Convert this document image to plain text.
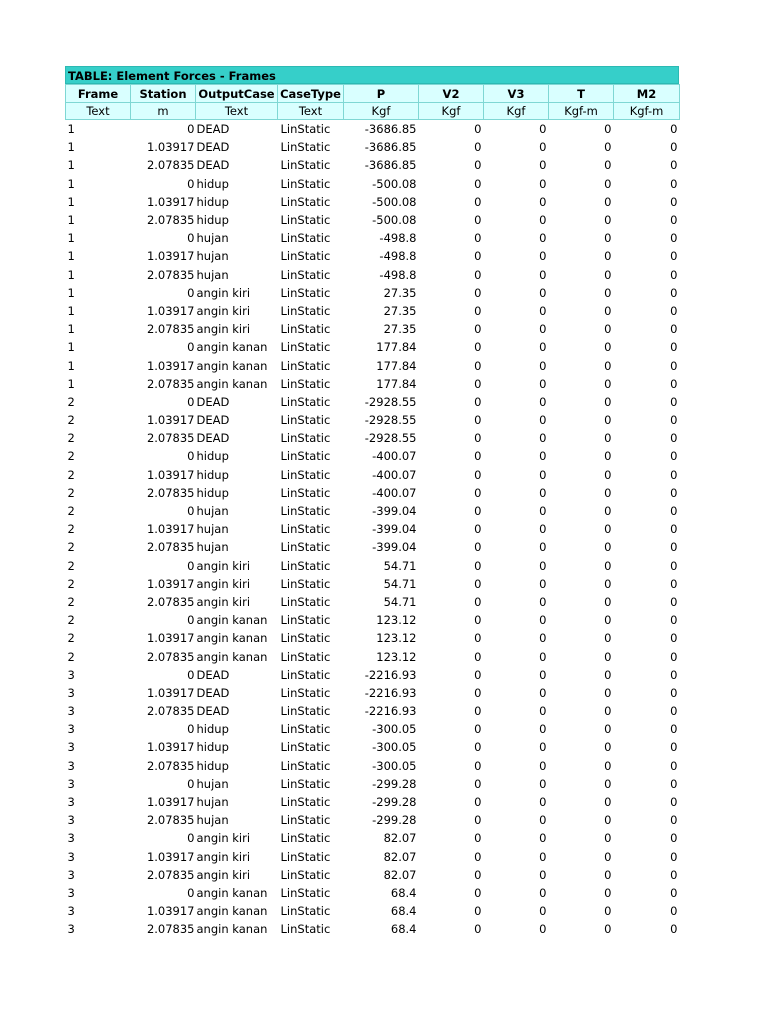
TABLE: Element Forces - Frames
Frame	Station	OutputCase	CaseType	P	V2	V3	T	M2
Text	m	Text	Text	Kgf	Kgf	Kgf	Kgf-m	Kgf-m
1	0	DEAD	LinStatic	-3686.85	0	0	0	0
1	1.03917	DEAD	LinStatic	-3686.85	0	0	0	0
1	2.07835	DEAD	LinStatic	-3686.85	0	0	0	0
1	0	hidup	LinStatic	-500.08	0	0	0	0
1	1.03917	hidup	LinStatic	-500.08	0	0	0	0
1	2.07835	hidup	LinStatic	-500.08	0	0	0	0
1	0	hujan	LinStatic	-498.8	0	0	0	0
1	1.03917	hujan	LinStatic	-498.8	0	0	0	0
1	2.07835	hujan	LinStatic	-498.8	0	0	0	0
1	0	angin kiri	LinStatic	27.35	0	0	0	0
1	1.03917	angin kiri	LinStatic	27.35	0	0	0	0
1	2.07835	angin kiri	LinStatic	27.35	0	0	0	0
1	0	angin kanan	LinStatic	177.84	0	0	0	0
1	1.03917	angin kanan	LinStatic	177.84	0	0	0	0
1	2.07835	angin kanan	LinStatic	177.84	0	0	0	0
2	0	DEAD	LinStatic	-2928.55	0	0	0	0
2	1.03917	DEAD	LinStatic	-2928.55	0	0	0	0
2	2.07835	DEAD	LinStatic	-2928.55	0	0	0	0
2	0	hidup	LinStatic	-400.07	0	0	0	0
2	1.03917	hidup	LinStatic	-400.07	0	0	0	0
2	2.07835	hidup	LinStatic	-400.07	0	0	0	0
2	0	hujan	LinStatic	-399.04	0	0	0	0
2	1.03917	hujan	LinStatic	-399.04	0	0	0	0
2	2.07835	hujan	LinStatic	-399.04	0	0	0	0
2	0	angin kiri	LinStatic	54.71	0	0	0	0
2	1.03917	angin kiri	LinStatic	54.71	0	0	0	0
2	2.07835	angin kiri	LinStatic	54.71	0	0	0	0
2	0	angin kanan	LinStatic	123.12	0	0	0	0
2	1.03917	angin kanan	LinStatic	123.12	0	0	0	0
2	2.07835	angin kanan	LinStatic	123.12	0	0	0	0
3	0	DEAD	LinStatic	-2216.93	0	0	0	0
3	1.03917	DEAD	LinStatic	-2216.93	0	0	0	0
3	2.07835	DEAD	LinStatic	-2216.93	0	0	0	0
3	0	hidup	LinStatic	-300.05	0	0	0	0
3	1.03917	hidup	LinStatic	-300.05	0	0	0	0
3	2.07835	hidup	LinStatic	-300.05	0	0	0	0
3	0	hujan	LinStatic	-299.28	0	0	0	0
3	1.03917	hujan	LinStatic	-299.28	0	0	0	0
3	2.07835	hujan	LinStatic	-299.28	0	0	0	0
3	0	angin kiri	LinStatic	82.07	0	0	0	0
3	1.03917	angin kiri	LinStatic	82.07	0	0	0	0
3	2.07835	angin kiri	LinStatic	82.07	0	0	0	0
3	0	angin kanan	LinStatic	68.4	0	0	0	0
3	1.03917	angin kanan	LinStatic	68.4	0	0	0	0
3	2.07835	angin kanan	LinStatic	68.4	0	0	0	0
